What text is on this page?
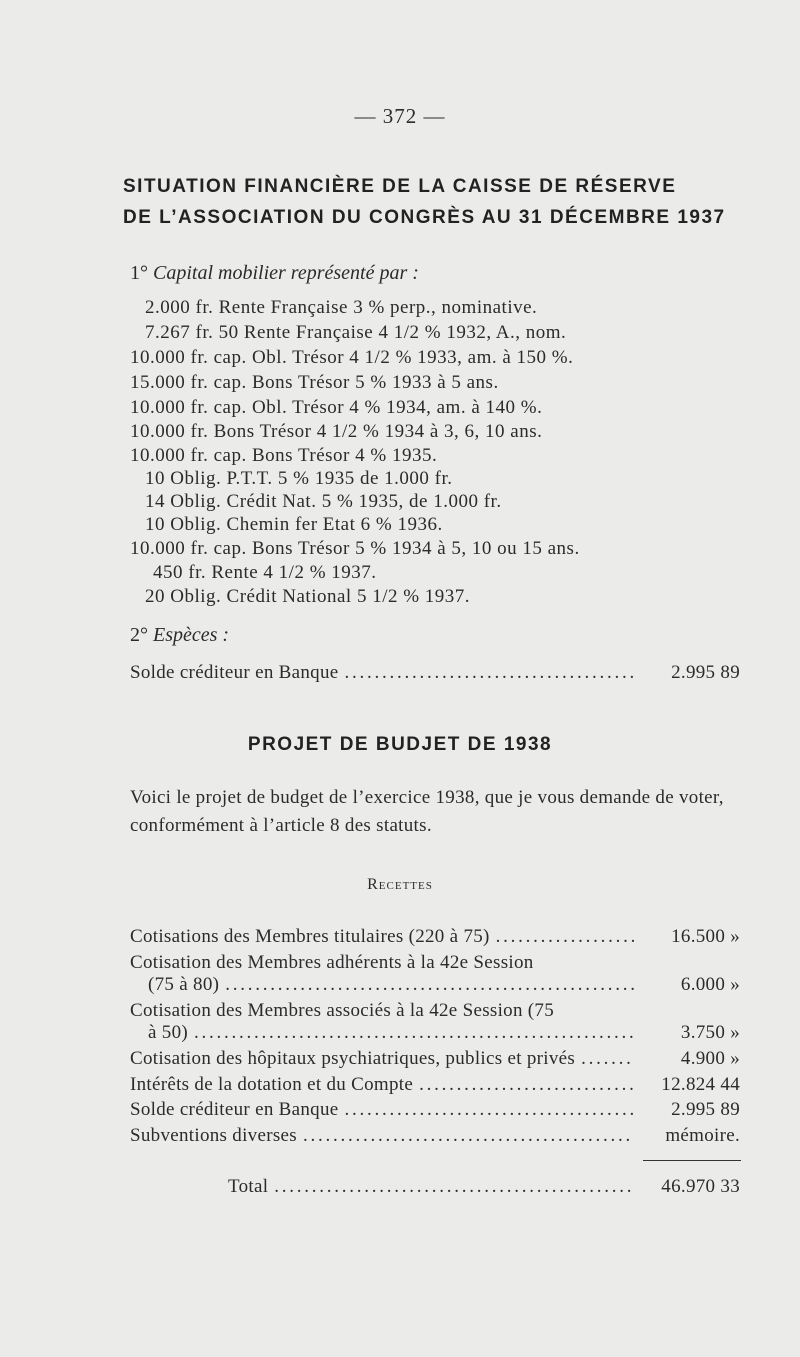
— 372 —
SITUATION FINANCIÈRE DE LA CAISSE DE RÉSERVE
DE L’ASSOCIATION DU CONGRÈS AU 31 DÉCEMBRE 1937
1° Capital mobilier représenté par :
2.000 fr. Rente Française 3 % perp., nominative.
7.267 fr. 50 Rente Française 4 1/2 % 1932, A., nom.
10.000 fr. cap. Obl. Trésor 4 1/2 % 1933, am. à 150 %.
15.000 fr. cap. Bons Trésor 5 % 1933 à 5 ans.
10.000 fr. cap. Obl. Trésor 4 % 1934, am. à 140 %.
10.000 fr. Bons Trésor 4 1/2 % 1934 à 3, 6, 10 ans.
10.000 fr. cap. Bons Trésor 4 % 1935.
10 Oblig. P.T.T. 5 % 1935 de 1.000 fr.
14 Oblig. Crédit Nat. 5 % 1935, de 1.000 fr.
10 Oblig. Chemin fer Etat 6 % 1936.
10.000 fr. cap. Bons Trésor 5 % 1934 à 5, 10 ou 15 ans.
450 fr. Rente 4 1/2 % 1937.
20 Oblig. Crédit National 5 1/2 % 1937.
2° Espèces :
Solde créditeur en Banque . . .	2.995 89
PROJET DE BUDJET DE 1938
Voici le projet de budget de l’exercice 1938, que je vous demande de voter, conformément à l’article 8 des statuts.
Recettes
Cotisations des Membres titulaires (220 à 75) . . .	16.500 »
Cotisation des Membres adhérents à la 42e Session
(75 à 80) . . .	6.000 »
Cotisation des Membres associés à la 42e Session (75
à 50) . . .	3.750 »
Cotisation des hôpitaux psychiatriques, publics et privés . . .	4.900 »
Intérêts de la dotation et du Compte . . .	12.824 44
Solde créditeur en Banque . . .	2.995 89
Subventions diverses . . .	mémoire.
Total . . .	46.970 33
